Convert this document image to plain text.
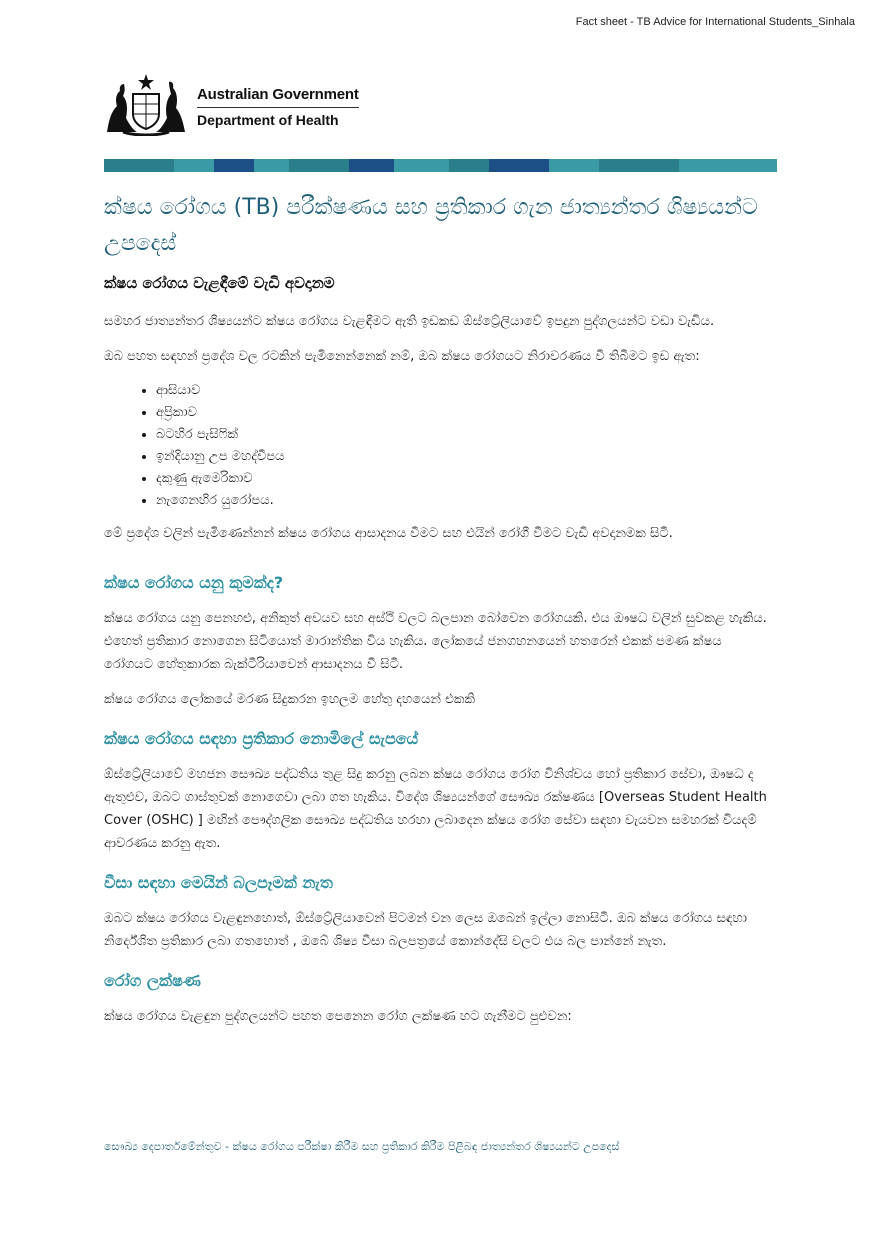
Fact sheet - TB Advice for International Students_Sinhala
Australian Government
Department of Health
ක්ෂය රෝගය (TB) පරීක්ෂණය සහ ප්‍රතිකාර ගැන ජාත්‍යන්තර ශිෂ්‍යයන්ට උපදෙස්
ක්ෂය රෝගය වැළඳීමේ වැඩි අවදානම

සමහර ජාත්‍යන්තර ශිෂ්‍යයන්ට ක්ෂය රෝගය වැළඳීමට ඇති ඉඩකඩ ඕස්ට්‍රේලියාවේ ඉපදුන පුද්ගලයන්ට වඩා වැඩිය.

ඔබ පහත සඳහන් ප්‍රදේශ වල රටකින් පැමිනෙන්නෙක් නම්, ඔබ ක්ෂය රෝගයට නිරාවරණය වී තිබීමට ඉඩ ඇත:

• ආසියාව
• අප්‍රිකාව
• බටහිර පැසිෆික්
• ඉන්දියානු උප මහද්වීපය
• දකුණු ඇමෙරිකාව
• නැගෙනහිර යුරෝපය.

මේ ප්‍රදේශ වලින් පැමිණෙන්නන් ක්ෂය රෝගය ආසාදනය වීමට සහ එයින් රෝගී වීමට වැඩි අවදානමක සිටී.

ක්ෂය රෝගය යනු කුමක්ද?

ක්ෂය රෝගය යනු පෙනහළු, අනිකුත් අවයව සහ අස්ථි වලට බලපාන බෝවෙන රෝගයකි. එය ඖෂධ වලින් සුවකළ හැකිය. එහෙත් ප්‍රතිකාර නොගෙන සිටියොත් මාරාන්තික විය හැකිය. ලෝකයේ ජනගහනයෙන් හතරෙන් එකක් පමණ ක්ෂය රෝගයට හේතුකාරක බැක්ටීරියාවෙන් ආසාදනය වී සිටී.

ක්ෂය රෝගය ලෝකයේ මරණ සිදුකරන ඉහලම හේතු දහයෙන් එකකි

ක්ෂය රෝගය සඳහා ප්‍රතිකාර නොමිලේ සැපයේ

ඕස්ට්‍රේලියාවේ මහජන සෞඛ්‍ය පද්ධතිය තුළ සිදු කරනු ලබන ක්ෂය රෝගය රෝග විනිශ්චය හෝ ප්‍රතිකාර සේවා, ඖෂධ ද ඇතුළුව, ඔබට ගාස්තුවක් නොගෙවා ලබා ගත හැකිය. විදේශ ශිෂ්‍යයන්ගේ සෞඛ්‍ය රක්ෂණය [Overseas Student Health Cover (OSHC) ] මඟින් පෞද්ගලික සෞඛ්‍ය පද්ධතිය හරහා ලබාදෙන ක්ෂය රෝග සේවා සඳහා වැයවන සමහරක් වියදම් ආවරණය කරනු ඇත.

වීසා සඳහා මෙයින් බලපෑමක් නැත

ඔබට ක්ෂය රෝගය වැළඳුනහොත්, ඕස්ට්‍රේලියාවෙන් පිටමන් වන ලෙස ඔබෙන් ඉල්ලා නොසිටී. ඔබ ක්ෂය රෝගය සඳහා නිර්දේශිත ප්‍රතිකාර ලබා ගතහොත් , ඔබේ ශිෂ්‍ය වීසා බලපත්‍රයේ කොන්දේසි වලට එය බල පාන්නේ නැත.

රෝග ලක්ෂණ

ක්ෂය රෝගය වැළඳුන පුද්ගලයන්ට පහත පෙනෙන රෝග ලක්ෂණ හට ගැනීමට පුළුවන:

සෞඛ්‍ය දෙපාර්තමේන්තුව - ක්ෂය රෝගය පරීක්ෂා කිරීම සහ ප්‍රතිකාර කිරීම පිළිබඳ ජාත්‍යන්තර ශිෂ්‍යයන්ට උපදෙස්
